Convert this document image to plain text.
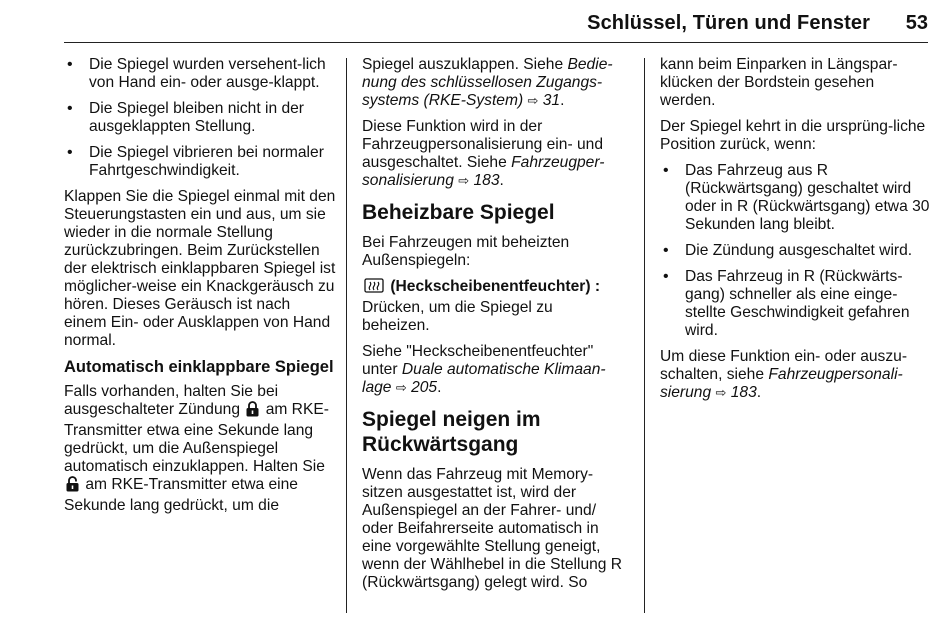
Schlüssel, Türen und Fenster 53
• Die Spiegel wurden versehent-lich von Hand ein- oder ausge-klappt.
• Die Spiegel bleiben nicht in der ausgeklappten Stellung.
• Die Spiegel vibrieren bei normaler Fahrtgeschwindigkeit.

Klappen Sie die Spiegel einmal mit den Steuerungstasten ein und aus, um sie wieder in die normale Stellung zurückzubringen. Beim Zurückstellen der elektrisch einklappbaren Spiegel ist möglicher-weise ein Knackgeräusch zu hören. Dieses Geräusch ist nach einem Ein- oder Ausklappen von Hand normal.

Automatisch einklappbare Spiegel

Falls vorhanden, halten Sie bei ausgeschalteter Zündung am RKE-Transmitter etwa eine Sekunde lang gedrückt, um die Außenspiegel automatisch einzuklappen. Halten Sie  am RKE-Transmitter etwa eine Sekunde lang gedrückt, um die

Spiegel auszuklappen. Siehe Bedie-nung des schlüssellosen Zugangs-systems (RKE-System) ⇨ 31.

Diese Funktion wird in der Fahrzeugpersonalisierung ein- und ausgeschaltet. Siehe Fahrzeugper-sonalisierung ⇨ 183.

Beheizbare Spiegel

Bei Fahrzeugen mit beheizten Außenspiegeln:

(Heckscheibenentfeuchter) : Drücken, um die Spiegel zu beheizen.

Siehe "Heckscheibenentfeuchter" unter Duale automatische Klimaan-lage ⇨ 205.

Spiegel neigen im Rückwärtsgang

Wenn das Fahrzeug mit Memory-sitzen ausgestattet ist, wird der Außenspiegel an der Fahrer- und/ oder Beifahrerseite automatisch in eine vorgewählte Stellung geneigt, wenn der Wählhebel in die Stellung R (Rückwärtsgang) gelegt wird. So

kann beim Einparken in Längspar-klücken der Bordstein gesehen werden.

Der Spiegel kehrt in die ursprüng-liche Position zurück, wenn:

• Das Fahrzeug aus R (Rückwärtsgang) geschaltet wird oder in R (Rückwärtsgang) etwa 30 Sekunden lang bleibt.
• Die Zündung ausgeschaltet wird.
• Das Fahrzeug in R (Rückwärts-gang) schneller als eine einge-stellte Geschwindigkeit gefahren wird.

Um diese Funktion ein- oder auszu-schalten, siehe Fahrzeugpersonali-sierung ⇨ 183.
